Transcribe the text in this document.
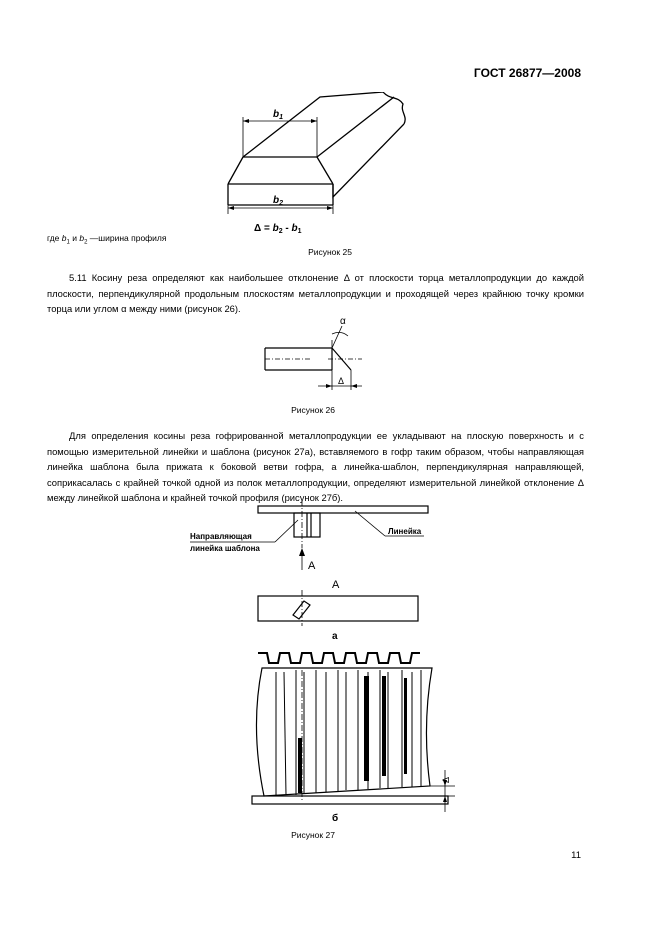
ГОСТ 26877—2008
$b_1$
$b_2$
$\Delta = b_2 - b_1$
где $b_1$ и $b_2$ —ширина профиля
Рисунок 25
5.11 Косину реза определяют как наибольшее отклонение Δ от плоскости торца металлопродукции до каждой плоскости, перпендикулярной продольным плоскостям металлопродукции и проходящей через крайнюю точку кромки торца или углом α между ними (рисунок 26).
α
Δ
Рисунок 26
Для определения косины реза гофрированной металлопродукции ее укладывают на плоскую поверхность и с помощью измерительной линейки и шаблона (рисунок 27а), вставляемого в гофр таким образом, чтобы направляющая линейка шаблона была прижата к боковой ветви гофра, а линейка-шаблон, перпендикулярная направляющей, соприкасалась с крайней точкой одной из полок металлопродукции, определяют измерительной линейкой отклонение Δ между линейкой шаблона и крайней точкой профиля (рисунок 27б).
Направляющая
линейка шаблона
Линейка
А
А
а
Δ
б
Рисунок 27
11
